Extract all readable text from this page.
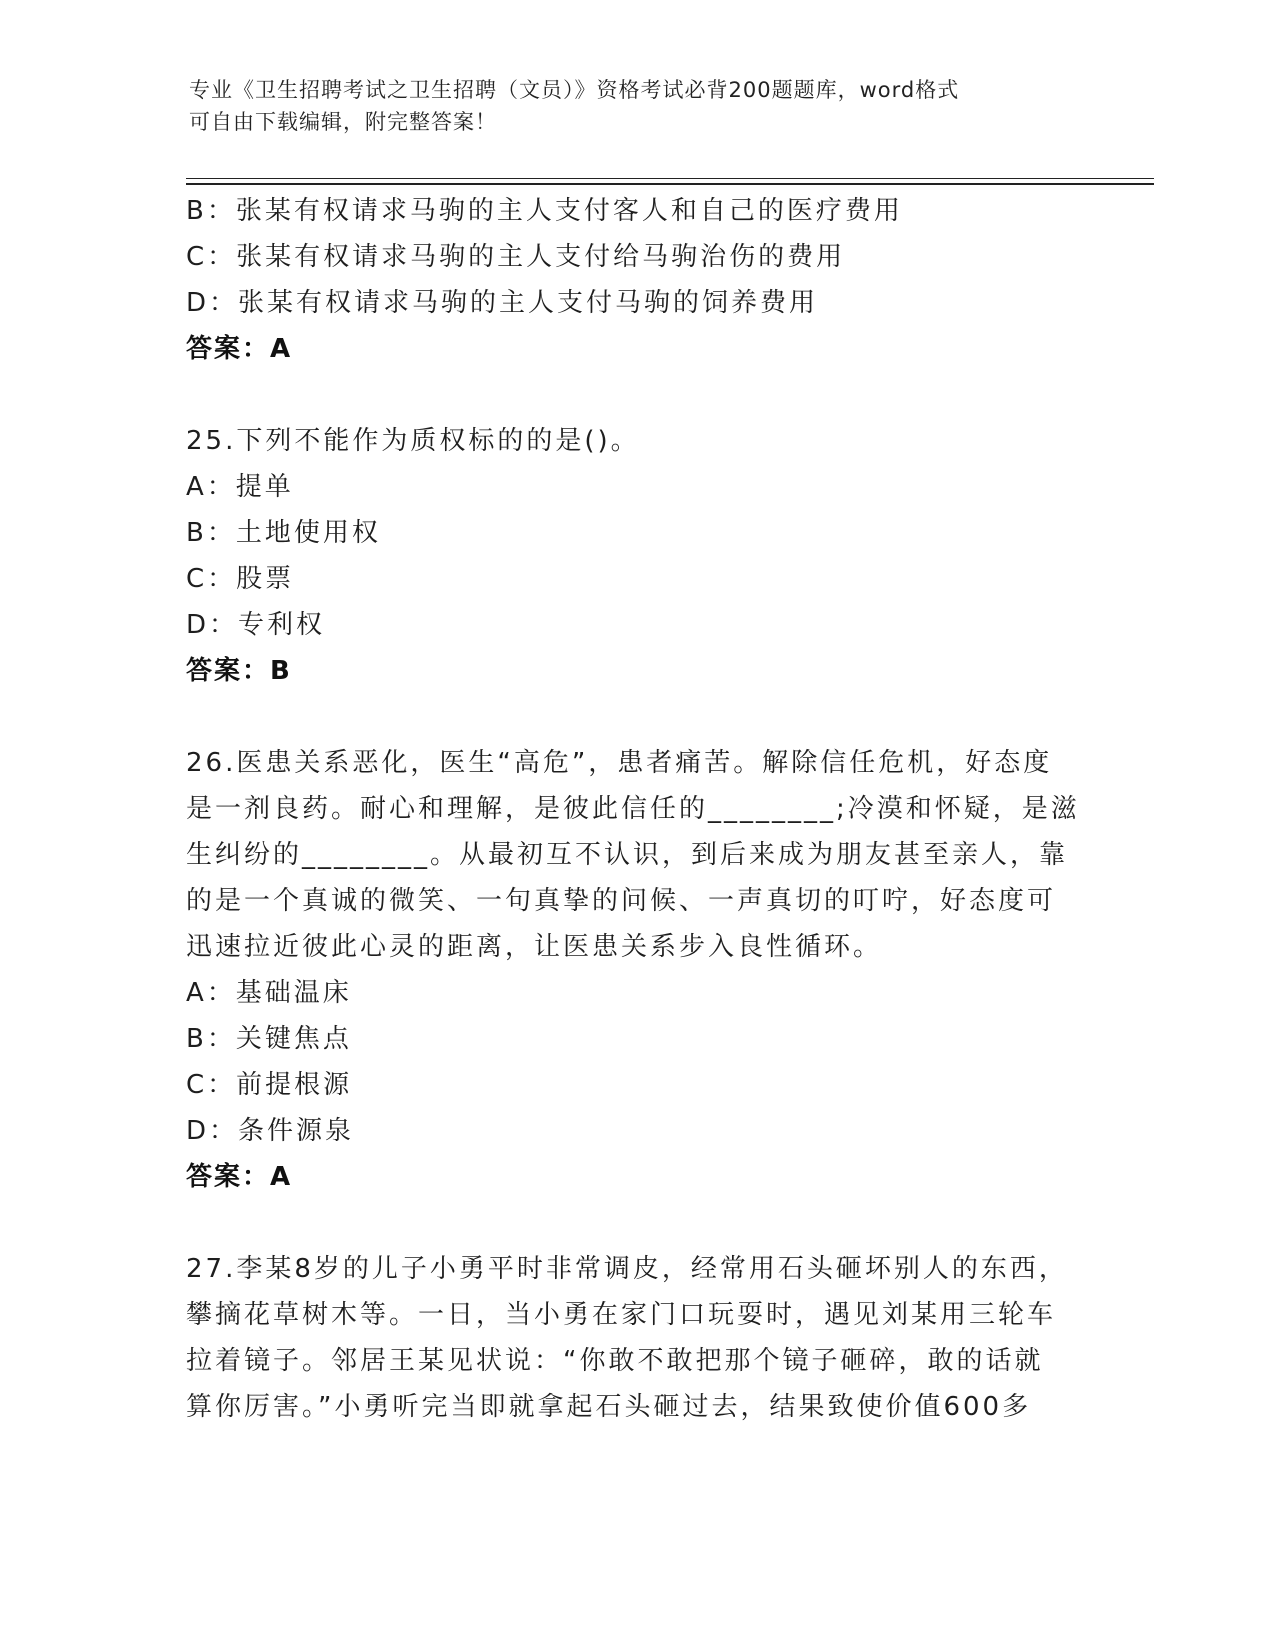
专业《卫生招聘考试之卫生招聘（文员）》资格考试必背200题题库，word格式
可自由下载编辑，附完整答案！
B：张某有权请求马驹的主人支付客人和自己的医疗费用
C：张某有权请求马驹的主人支付给马驹治伤的费用
D：张某有权请求马驹的主人支付马驹的饲养费用
答案：A
25.下列不能作为质权标的的是()。
A：提单
B：土地使用权
C：股票
D：专利权
答案：B
26.医患关系恶化，医生“高危”，患者痛苦。解除信任危机，好态度
是一剂良药。耐心和理解，是彼此信任的________;冷漠和怀疑，是滋
生纠纷的________。从最初互不认识，到后来成为朋友甚至亲人，靠
的是一个真诚的微笑、一句真挚的问候、一声真切的叮咛，好态度可
迅速拉近彼此心灵的距离，让医患关系步入良性循环。
A：基础温床
B：关键焦点
C：前提根源
D：条件源泉
答案：A
27.李某8岁的儿子小勇平时非常调皮，经常用石头砸坏别人的东西，
攀摘花草树木等。一日，当小勇在家门口玩耍时，遇见刘某用三轮车
拉着镜子。邻居王某见状说：“你敢不敢把那个镜子砸碎，敢的话就
算你厉害。”小勇听完当即就拿起石头砸过去，结果致使价值600多
